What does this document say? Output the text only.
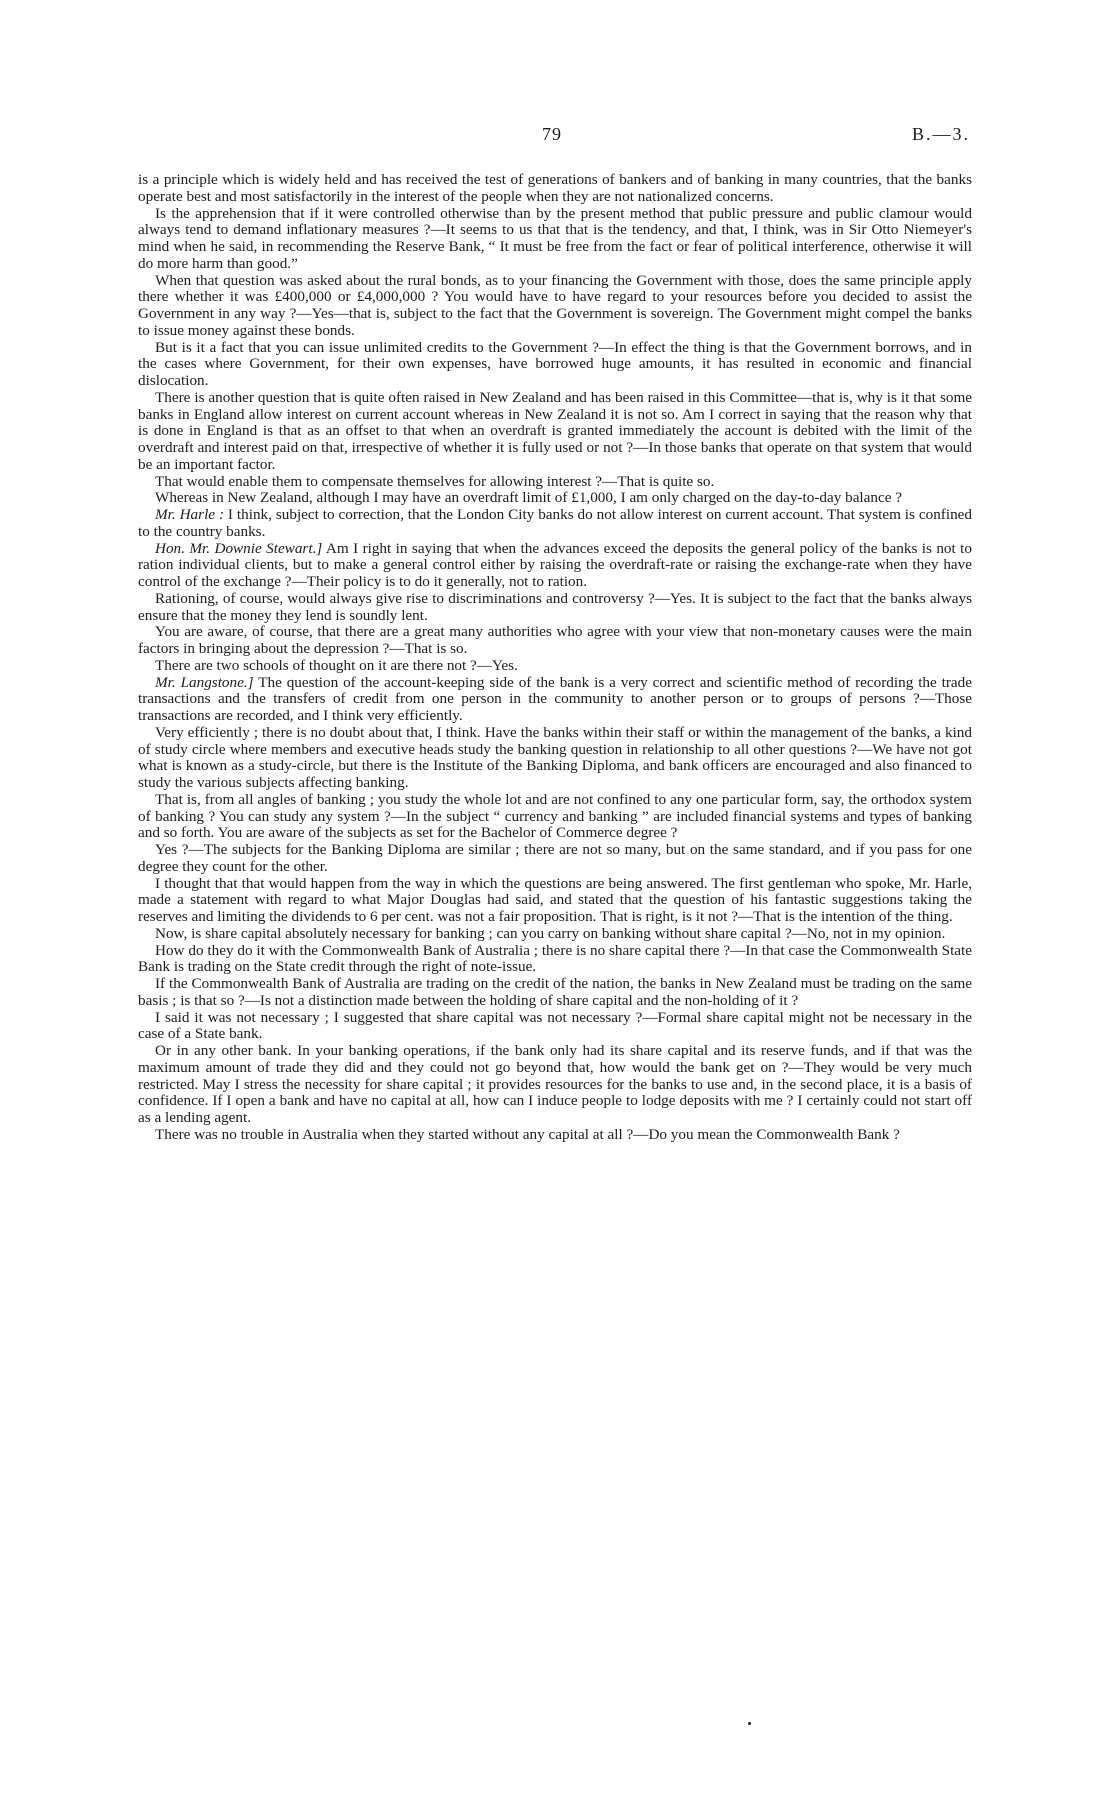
79	B.—3.

is a principle which is widely held and has received the test of generations of bankers and of banking in many countries, that the banks operate best and most satisfactorily in the interest of the people when they are not nationalized concerns.

Is the apprehension that if it were controlled otherwise than by the present method that public pressure and public clamour would always tend to demand inflationary measures ?—It seems to us that that is the tendency, and that, I think, was in Sir Otto Niemeyer's mind when he said, in recommending the Reserve Bank, “ It must be free from the fact or fear of political interference, otherwise it will do more harm than good.”

When that question was asked about the rural bonds, as to your financing the Government with those, does the same principle apply there whether it was £400,000 or £4,000,000 ? You would have to have regard to your resources before you decided to assist the Government in any way ?—Yes—that is, subject to the fact that the Government is sovereign. The Government might compel the banks to issue money against these bonds.

But is it a fact that you can issue unlimited credits to the Government ?—In effect the thing is that the Government borrows, and in the cases where Government, for their own expenses, have borrowed huge amounts, it has resulted in economic and financial dislocation.

There is another question that is quite often raised in New Zealand and has been raised in this Committee—that is, why is it that some banks in England allow interest on current account whereas in New Zealand it is not so. Am I correct in saying that the reason why that is done in England is that as an offset to that when an overdraft is granted immediately the account is debited with the limit of the overdraft and interest paid on that, irrespective of whether it is fully used or not ?—In those banks that operate on that system that would be an important factor.

That would enable them to compensate themselves for allowing interest ?—That is quite so.

Whereas in New Zealand, although I may have an overdraft limit of £1,000, I am only charged on the day-to-day balance ?

Mr. Harle : I think, subject to correction, that the London City banks do not allow interest on current account. That system is confined to the country banks.

Hon. Mr. Downie Stewart.] Am I right in saying that when the advances exceed the deposits the general policy of the banks is not to ration individual clients, but to make a general control either by raising the overdraft-rate or raising the exchange-rate when they have control of the exchange ?—Their policy is to do it generally, not to ration.

Rationing, of course, would always give rise to discriminations and controversy ?—Yes. It is subject to the fact that the banks always ensure that the money they lend is soundly lent.

You are aware, of course, that there are a great many authorities who agree with your view that non-monetary causes were the main factors in bringing about the depression ?—That is so.

There are two schools of thought on it are there not ?—Yes.

Mr. Langstone.] The question of the account-keeping side of the bank is a very correct and scientific method of recording the trade transactions and the transfers of credit from one person in the community to another person or to groups of persons ?—Those transactions are recorded, and I think very efficiently.

Very efficiently ; there is no doubt about that, I think. Have the banks within their staff or within the management of the banks, a kind of study circle where members and executive heads study the banking question in relationship to all other questions ?—We have not got what is known as a study-circle, but there is the Institute of the Banking Diploma, and bank officers are encouraged and also financed to study the various subjects affecting banking.

That is, from all angles of banking ; you study the whole lot and are not confined to any one particular form, say, the orthodox system of banking ? You can study any system ?—In the subject “ currency and banking ” are included financial systems and types of banking and so forth. You are aware of the subjects as set for the Bachelor of Commerce degree ?

Yes ?—The subjects for the Banking Diploma are similar ; there are not so many, but on the same standard, and if you pass for one degree they count for the other.

I thought that that would happen from the way in which the questions are being answered. The first gentleman who spoke, Mr. Harle, made a statement with regard to what Major Douglas had said, and stated that the question of his fantastic suggestions taking the reserves and limiting the dividends to 6 per cent. was not a fair proposition. That is right, is it not ?—That is the intention of the thing.

Now, is share capital absolutely necessary for banking ; can you carry on banking without share capital ?—No, not in my opinion.

How do they do it with the Commonwealth Bank of Australia ; there is no share capital there ?—In that case the Commonwealth State Bank is trading on the State credit through the right of note-issue.

If the Commonwealth Bank of Australia are trading on the credit of the nation, the banks in New Zealand must be trading on the same basis ; is that so ?—Is not a distinction made between the holding of share capital and the non-holding of it ?

I said it was not necessary ; I suggested that share capital was not necessary ?—Formal share capital might not be necessary in the case of a State bank.

Or in any other bank. In your banking operations, if the bank only had its share capital and its reserve funds, and if that was the maximum amount of trade they did and they could not go beyond that, how would the bank get on ?—They would be very much restricted. May I stress the necessity for share capital ; it provides resources for the banks to use and, in the second place, it is a basis of confidence. If I open a bank and have no capital at all, how can I induce people to lodge deposits with me ? I certainly could not start off as a lending agent.

There was no trouble in Australia when they started without any capital at all ?—Do you mean the Commonwealth Bank ?
